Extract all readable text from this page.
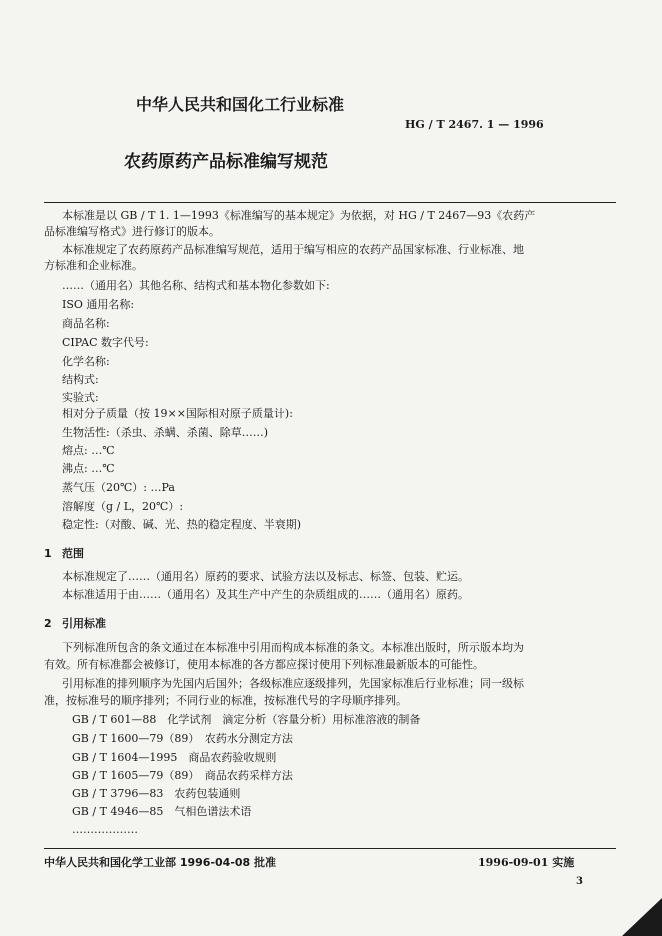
中华人民共和国化工行业标准
HG / T 2467. 1 — 1996
农药原药产品标准编写规范
本标准是以 GB / T 1. 1—1993《标准编写的基本规定》为依据，对 HG / T 2467—93《农药产
品标准编写格式》进行修订的版本。
本标准规定了农药原药产品标准编写规范，适用于编写相应的农药产品国家标准、行业标准、地
方标准和企业标准。
……（通用名）其他名称、结构式和基本物化参数如下:
ISO 通用名称:
商品名称:
CIPAC 数字代号:
化学名称:
结构式:
实验式:
相对分子质量（按 19××国际相对原子质量计):
生物活性:（杀虫、杀螨、杀菌、除草……)
熔点: …℃
沸点: …℃
蒸气压（20℃）: …Pa
溶解度（g / L，20℃）:
稳定性:（对酸、碱、光、热的稳定程度、半衰期)
1 范围
本标准规定了……（通用名）原药的要求、试验方法以及标志、标签、包装、贮运。
本标准适用于由……（通用名）及其生产中产生的杂质组成的……（通用名）原药。
2 引用标准
下列标准所包含的条文通过在本标准中引用而构成本标准的条文。本标准出版时，所示版本均为
有效。所有标准都会被修订，使用本标准的各方都应探讨使用下列标准最新版本的可能性。
引用标准的排列顺序为先国内后国外；各级标准应逐级排列，先国家标准后行业标准；同一级标
准，按标准号的顺序排列；不同行业的标准，按标准代号的字母顺序排列。
GB / T 601—88　 化学试剂　滴定分析（容量分析）用标准溶液的制备
GB / T 1600—79（89）　 农药水分测定方法
GB / T 1604—1995　 商品农药验收规则
GB / T 1605—79（89）　 商品农药采样方法
GB / T 3796—83　 农药包装通则
GB / T 4946—85　 气相色谱法术语
………………
中华人民共和国化学工业部 1996-04-08 批准	1996-09-01 实施
3
